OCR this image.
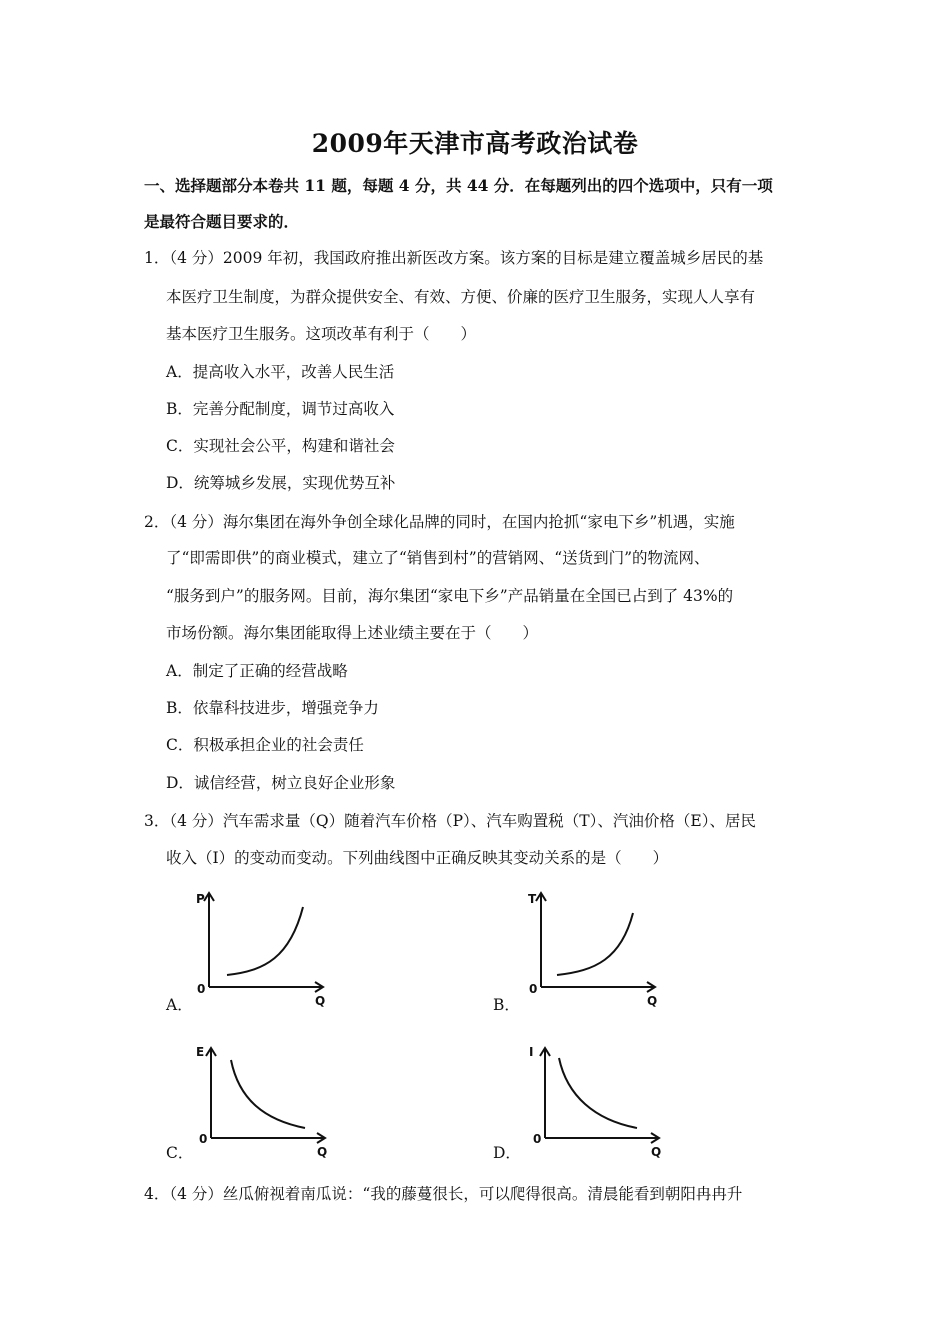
2009年天津市高考政治试卷
一、选择题部分本卷共 11 题，每题 4 分，共 44 分．在每题列出的四个选项中，只有一项
是最符合题目要求的．
1．（4 分）2009 年初，我国政府推出新医改方案。该方案的目标是建立覆盖城乡居民的基
本医疗卫生制度，为群众提供安全、有效、方便、价廉的医疗卫生服务，实现人人享有
基本医疗卫生服务。这项改革有利于（　　）
A．提高收入水平，改善人民生活
B．完善分配制度，调节过高收入
C．实现社会公平，构建和谐社会
D．统筹城乡发展，实现优势互补
2．（4 分）海尔集团在海外争创全球化品牌的同时，在国内抢抓“家电下乡”机遇，实施
了“即需即供”的商业模式，建立了“销售到村”的营销网、“送货到门”的物流网、
“服务到户”的服务网。目前，海尔集团“家电下乡”产品销量在全国已占到了 43%的
市场份额。海尔集团能取得上述业绩主要在于（　　）
A．制定了正确的经营战略
B．依靠科技进步，增强竞争力
C．积极承担企业的社会责任
D．诚信经营，树立良好企业形象
3．（4 分）汽车需求量（Q）随着汽车价格（P）、汽车购置税（T）、汽油价格（E）、居民
收入（I）的变动而变动。下列曲线图中正确反映其变动关系的是（　　）
A．
P
0
Q	B．
T
0
Q
C．
E
0
Q	D．
I
0
Q
4．（4 分）丝瓜俯视着南瓜说：“我的藤蔓很长，可以爬得很高。清晨能看到朝阳冉冉升
